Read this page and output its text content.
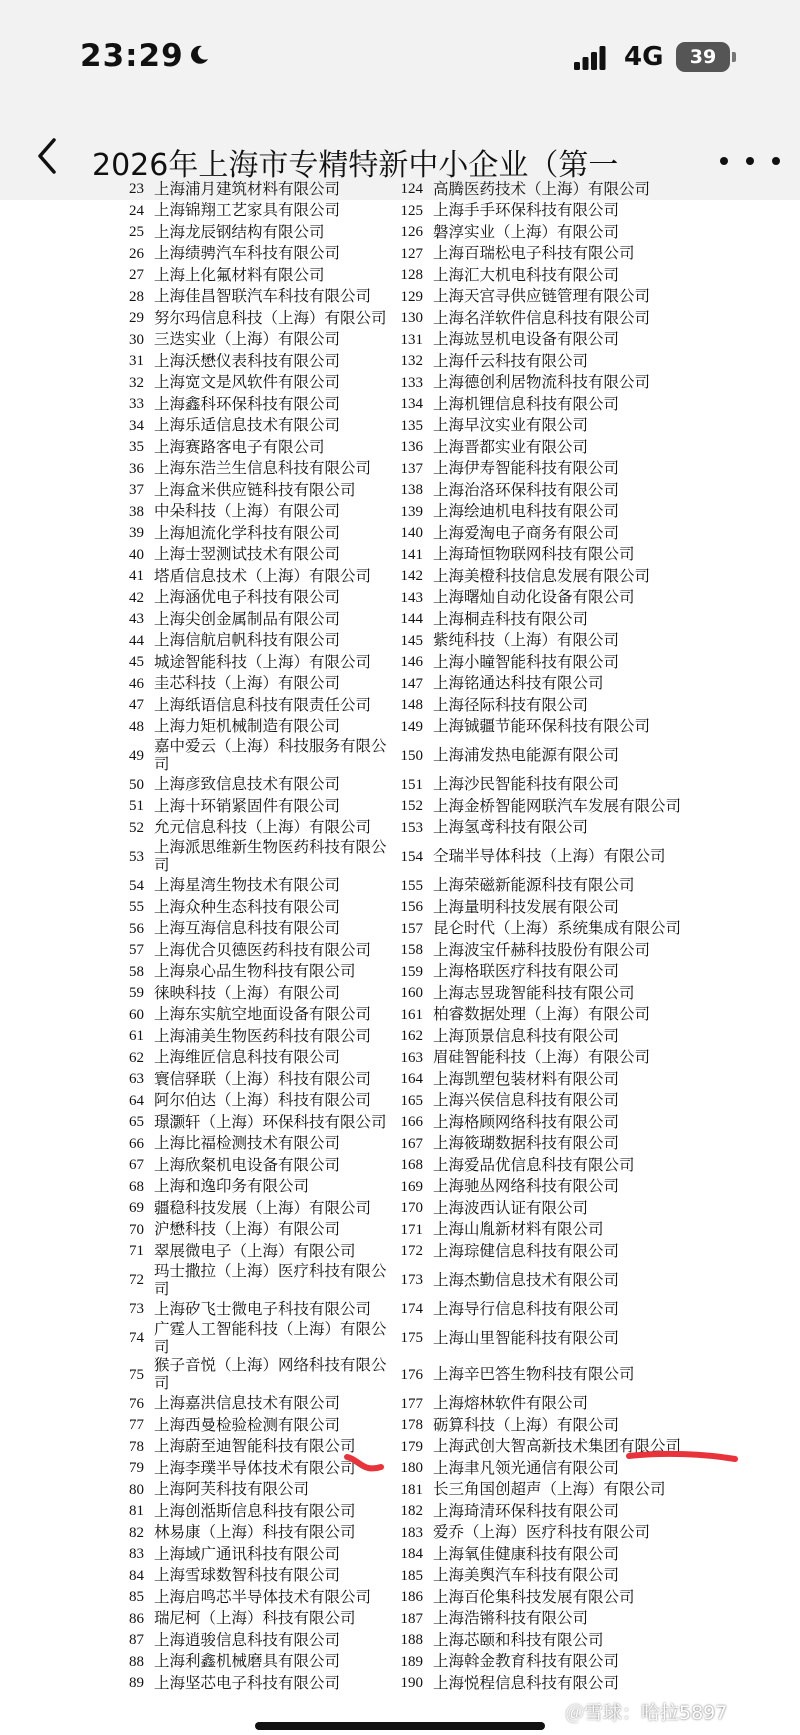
23:29	4G	39
2026年上海市专精特新中小企业（第一
23 上海浦月建筑材料有限公司
24 上海锦翔工艺家具有限公司
25 上海龙辰钢结构有限公司
26 上海绩骋汽车科技有限公司
27 上海上化氟材料有限公司
28 上海佳昌智联汽车科技有限公司
29 努尔玛信息科技（上海）有限公司
30 三迭实业（上海）有限公司
31 上海沃懋仪表科技有限公司
32 上海宽文是风软件有限公司
33 上海鑫科环保科技有限公司
34 上海乐适信息技术有限公司
35 上海赛路客电子有限公司
36 上海东浩兰生信息科技有限公司
37 上海盒米供应链科技有限公司
38 中朵科技（上海）有限公司
39 上海旭流化学科技有限公司
40 上海士翌测试技术有限公司
41 塔盾信息技术（上海）有限公司
42 上海涵优电子科技有限公司
43 上海尖创金属制品有限公司
44 上海信航启帆科技有限公司
45 城途智能科技（上海）有限公司
46 圭芯科技（上海）有限公司
47 上海纸语信息科技有限责任公司
48 上海力矩机械制造有限公司
49
嘉中爱云（上海）科技服务有限公司
50 上海彦致信息技术有限公司
51 上海十环销紧固件有限公司
52 允元信息科技（上海）有限公司
53
上海派思维新生物医药科技有限公司
54 上海星湾生物技术有限公司
55 上海众种生态科技有限公司
56 上海互海信息科技有限公司
57 上海优合贝德医药科技有限公司
58 上海泉心品生物科技有限公司
59 徕映科技（上海）有限公司
60 上海东实航空地面设备有限公司
61 上海浦美生物医药科技有限公司
62 上海维匠信息科技有限公司
63 寰信驿联（上海）科技有限公司
64 阿尔伯达（上海）科技有限公司
65 璟灏轩（上海）环保科技有限公司
66 上海比福检测技术有限公司
67 上海欣粲机电设备有限公司
68 上海和逸印务有限公司
69 疆稳科技发展（上海）有限公司
70 沪懋科技（上海）有限公司
71 翠展微电子（上海）有限公司
72
玛士撒拉（上海）医疗科技有限公司
73 上海矽飞士微电子科技有限公司
74
广霆人工智能科技（上海）有限公司
75
猴子音悦（上海）网络科技有限公司
76 上海嘉洪信息技术有限公司
77 上海西曼检验检测有限公司
78 上海蔚至迪智能科技有限公司
79 上海李璞半导体技术有限公司
80 上海阿芙科技有限公司
81 上海创湉斯信息科技有限公司
82 林易康（上海）科技有限公司
83 上海域广通讯科技有限公司
84 上海雪球数智科技有限公司
85 上海启鸣芯半导体技术有限公司
86 瑞尼柯（上海）科技有限公司
87 上海逍骏信息科技有限公司
88 上海利鑫机械磨具有限公司
89 上海坚芯电子科技有限公司
124 高腾医药技术（上海）有限公司
125 上海手手环保科技有限公司
126 磐淳实业（上海）有限公司
127 上海百瑞松电子科技有限公司
128 上海汇大机电科技有限公司
129 上海天宫寻供应链管理有限公司
130 上海名洋软件信息科技有限公司
131 上海竑昱机电设备有限公司
132 上海仟云科技有限公司
133 上海德创利居物流科技有限公司
134 上海机锂信息科技有限公司
135 上海早汶实业有限公司
136 上海晋都实业有限公司
137 上海伊寿智能科技有限公司
138 上海治洛环保科技有限公司
139 上海绘迪机电科技有限公司
140 上海爱淘电子商务有限公司
141 上海琦恒物联网科技有限公司
142 上海美橙科技信息发展有限公司
143 上海曙灿自动化设备有限公司
144 上海桐垚科技有限公司
145 紫纯科技（上海）有限公司
146 上海小瞳智能科技有限公司
147 上海铭通达科技有限公司
148 上海径际科技有限公司
149 上海铖疆节能环保科技有限公司
150 上海浦发热电能源有限公司
151 上海沙民智能科技有限公司
152 上海金桥智能网联汽车发展有限公司
153 上海氢鸢科技有限公司
154 仝瑞半导体科技（上海）有限公司
155 上海荣磁新能源科技有限公司
156 上海量明科技发展有限公司
157 昆仑时代（上海）系统集成有限公司
158 上海波宝仟赫科技股份有限公司
159 上海格联医疗科技有限公司
160 上海志昱珑智能科技有限公司
161 柏睿数据处理（上海）有限公司
162 上海顶景信息科技有限公司
163 眉硅智能科技（上海）有限公司
164 上海凯塑包装材料有限公司
165 上海兴侯信息科技有限公司
166 上海格顾网络科技有限公司
167 上海筱瑚数据科技有限公司
168 上海爱品优信息科技有限公司
169 上海驰丛网络科技有限公司
170 上海波西认证有限公司
171 上海山胤新材料有限公司
172 上海琮健信息科技有限公司
173 上海杰勤信息技术有限公司
174 上海导行信息科技有限公司
175 上海山里智能科技有限公司
176 上海辛巴答生物科技有限公司
177 上海熔林软件有限公司
178 砺算科技（上海）有限公司
179 上海武创大智高新技术集团有限公司
180 上海聿凡领光通信有限公司
181 长三角国创超声（上海）有限公司
182 上海琦清环保科技有限公司
183 爱乔（上海）医疗科技有限公司
184 上海氧佳健康科技有限公司
185 上海美舆汽车科技有限公司
186 上海百伦集科技发展有限公司
187 上海浩锵科技有限公司
188 上海芯颐和科技有限公司
189 上海斡金教育科技有限公司
190 上海悦程信息科技有限公司
＠雪球：哈拉5897
